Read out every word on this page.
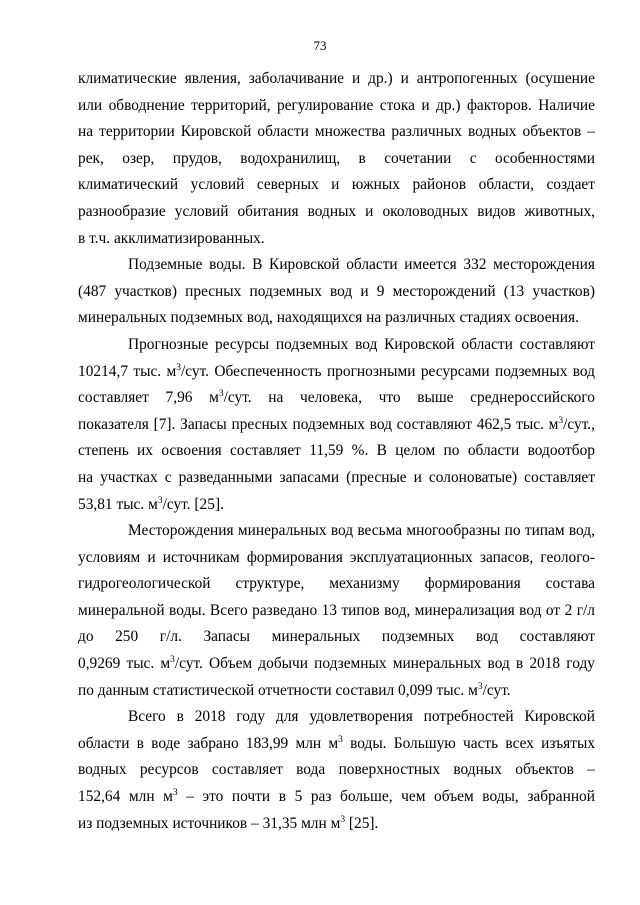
73
климатические явления, заболачивание и др.) и антропогенных (осушение
или обводнение территорий, регулирование стока и др.) факторов. Наличие
на территории Кировской области множества различных водных объектов –
рек, озер, прудов, водохранилищ, в сочетании с особенностями
климатический условий северных и южных районов области, создает
разнообразие условий обитания водных и околоводных видов животных,
в т.ч. акклиматизированных.
Подземные воды. В Кировской области имеется 332 месторождения
(487 участков) пресных подземных вод и 9 месторождений (13 участков)
минеральных подземных вод, находящихся на различных стадиях освоения.
Прогнозные ресурсы подземных вод Кировской области составляют
10214,7 тыс. $м^3$/сут. Обеспеченность прогнозными ресурсами подземных вод
составляет 7,96 $м^3$/сут. на человека, что выше среднероссийского
показателя [7]. Запасы пресных подземных вод составляют 462,5 тыс. $м^3$/сут.,
степень их освоения составляет 11,59 %. В целом по области водоотбор
на участках с разведанными запасами (пресные и солоноватые) составляет
53,81 тыс. $м^3$/сут. [25].
Месторождения минеральных вод весьма многообразны по типам вод,
условиям и источникам формирования эксплуатационных запасов, геолого-
гидрогеологической структуре, механизму формирования состава
минеральной воды. Всего разведано 13 типов вод, минерализация вод от 2 г/л
до 250 г/л. Запасы минеральных подземных вод составляют
0,9269 тыс. $м^3$/сут. Объем добычи подземных минеральных вод в 2018 году
по данным статистической отчетности составил 0,099 тыс. $м^3$/сут.
Всего в 2018 году для удовлетворения потребностей Кировской
области в воде забрано 183,99 млн $м^3$ воды. Большую часть всех изъятых
водных ресурсов составляет вода поверхностных водных объектов –
152,64 млн $м^3$ – это почти в 5 раз больше, чем объем воды, забранной
из подземных источников – 31,35 млн $м^3$ [25].
